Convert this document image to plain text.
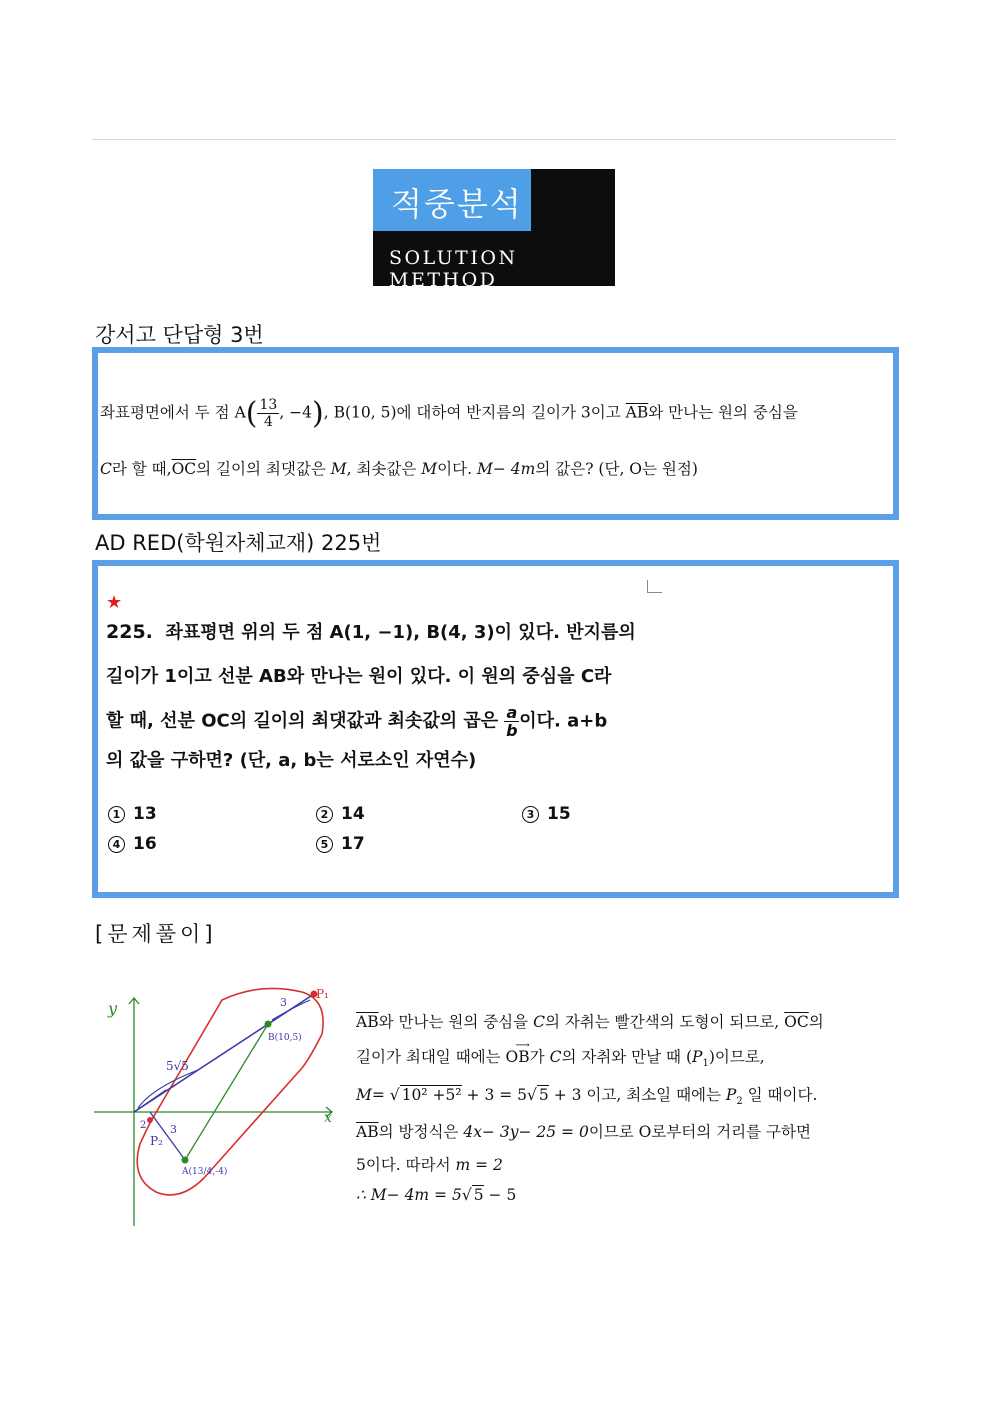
적중분석
SOLUTION METHOD
강서고 단답형 3번
좌표평면에서 두 점 $A( \frac{13}{4}$, −4), B(10, 5)에 대하여 반지름의 길이가 3이고 $\overline{AB}$와 만나는 원의 중심을
C라 할 때$,\overline{OC}$의 길이의 최댓값은 M, 최솟값은 M이다. M− 4m의 값은? (단, O는 원점)
AD RED(학원자체교재) 225번
★
225. 좌표평면 위의 두 점 A(1, −1), B(4, 3)이 있다. 반지름의
길이가 1이고 선분 AB와 만나는 원이 있다. 이 원의 중심을 C라
할 때, 선분 OC의 길이의 최댓값과 최솟값의 곱은 $\frac{a}{b}$이다. a+b
의 값을 구하면? (단, a, b는 서로소인 자연수)
1 13	2 14	3 15
4 16	5 17
[문제풀이]
y
x
P₁
P₂
B(10,5)
A(13/4,-4)
3
3
5√5
2
$\overline{AB}$와 만나는 원의 중심을 C의 자취는 빨간색의 도형이 되므로, $\overline{OC}$의
길이가 최대일 때에는
⟶
OB가 C의 자취와 만날 때 $(P_1)$이므로,
M= √ 10² +5² + 3 = 5√ 5 + 3 이고, 최소일 때에는 $P_2$ 일 때이다.
$\overline{AB}$의 방정식은 4x− 3y− 25 = 0이므로 O로부터의 거리를 구하면
5이다. 따라서 m = 2
∴ M− 4m = 5√ 5 − 5
